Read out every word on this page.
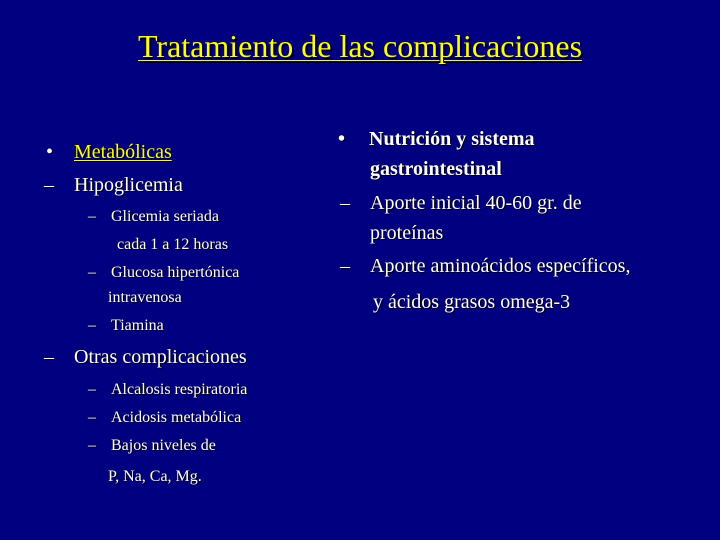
Tratamiento de las complicaciones
• Metabólicas
– Hipoglicemia
– Glicemia seriada
cada 1 a 12 horas
– Glucosa hipertónica
intravenosa
– Tiamina
– Otras complicaciones
– Alcalosis respiratoria
– Acidosis metabólica
– Bajos niveles de
P, Na, Ca, Mg.
• Nutrición y sistema
gastrointestinal
– Aporte inicial 40-60 gr. de
proteínas
– Aporte aminoácidos específicos,
y ácidos grasos omega-3
